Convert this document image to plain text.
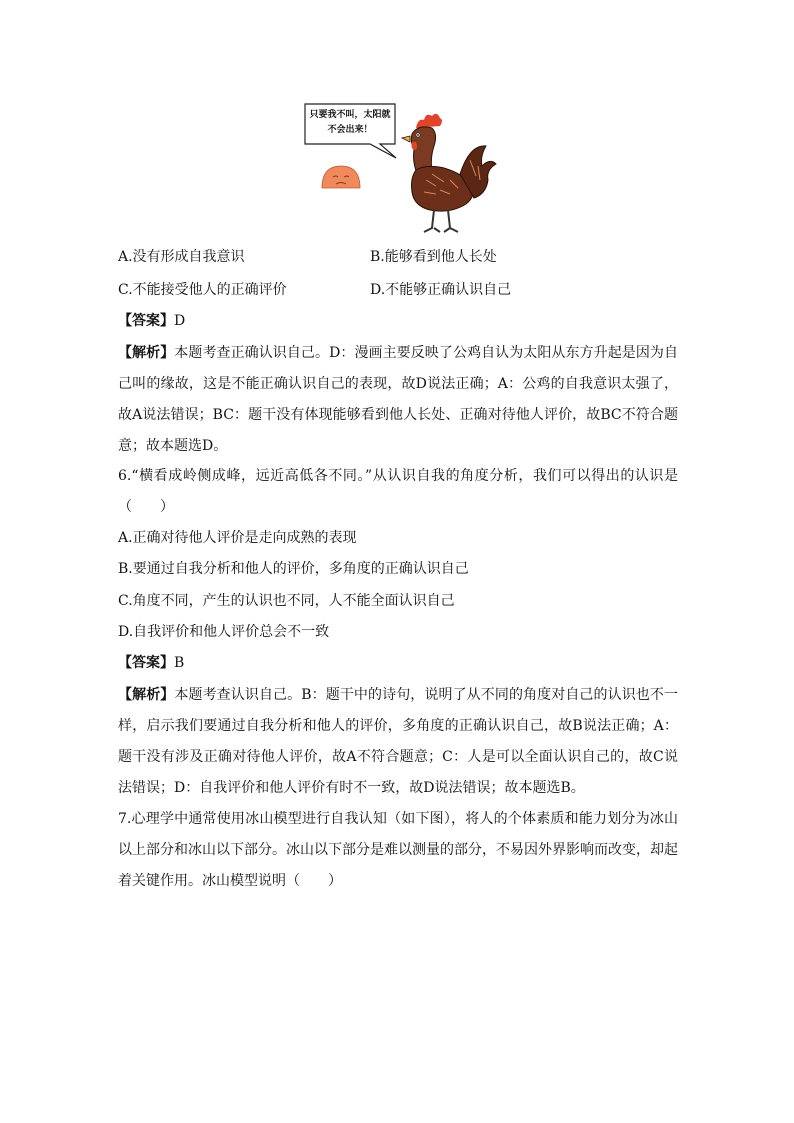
只要我不叫，太阳就不会出来！
A.没有形成自我意识	B.能够看到他人长处
C.不能接受他人的正确评价	D.不能够正确认识自己
【答案】D
【解析】本题考查正确认识自己。D：漫画主要反映了公鸡自认为太阳从东方升起是因为自己叫的缘故，这是不能正确认识自己的表现，故D说法正确；A：公鸡的自我意识太强了，故A说法错误；BC：题干没有体现能够看到他人长处、正确对待他人评价，故BC不符合题意；故本题选D。
6.“横看成岭侧成峰，远近高低各不同。”从认识自我的角度分析，我们可以得出的认识是（　　）
A.正确对待他人评价是走向成熟的表现
B.要通过自我分析和他人的评价，多角度的正确认识自己
C.角度不同，产生的认识也不同，人不能全面认识自己
D.自我评价和他人评价总会不一致
【答案】B
【解析】本题考查认识自己。B：题干中的诗句，说明了从不同的角度对自己的认识也不一样，启示我们要通过自我分析和他人的评价，多角度的正确认识自己，故B说法正确；A：题干没有涉及正确对待他人评价，故A不符合题意；C：人是可以全面认识自己的，故C说法错误；D：自我评价和他人评价有时不一致，故D说法错误；故本题选B。
7.心理学中通常使用冰山模型进行自我认知（如下图），将人的个体素质和能力划分为冰山以上部分和冰山以下部分。冰山以下部分是难以测量的部分，不易因外界影响而改变，却起着关键作用。冰山模型说明（　　）
